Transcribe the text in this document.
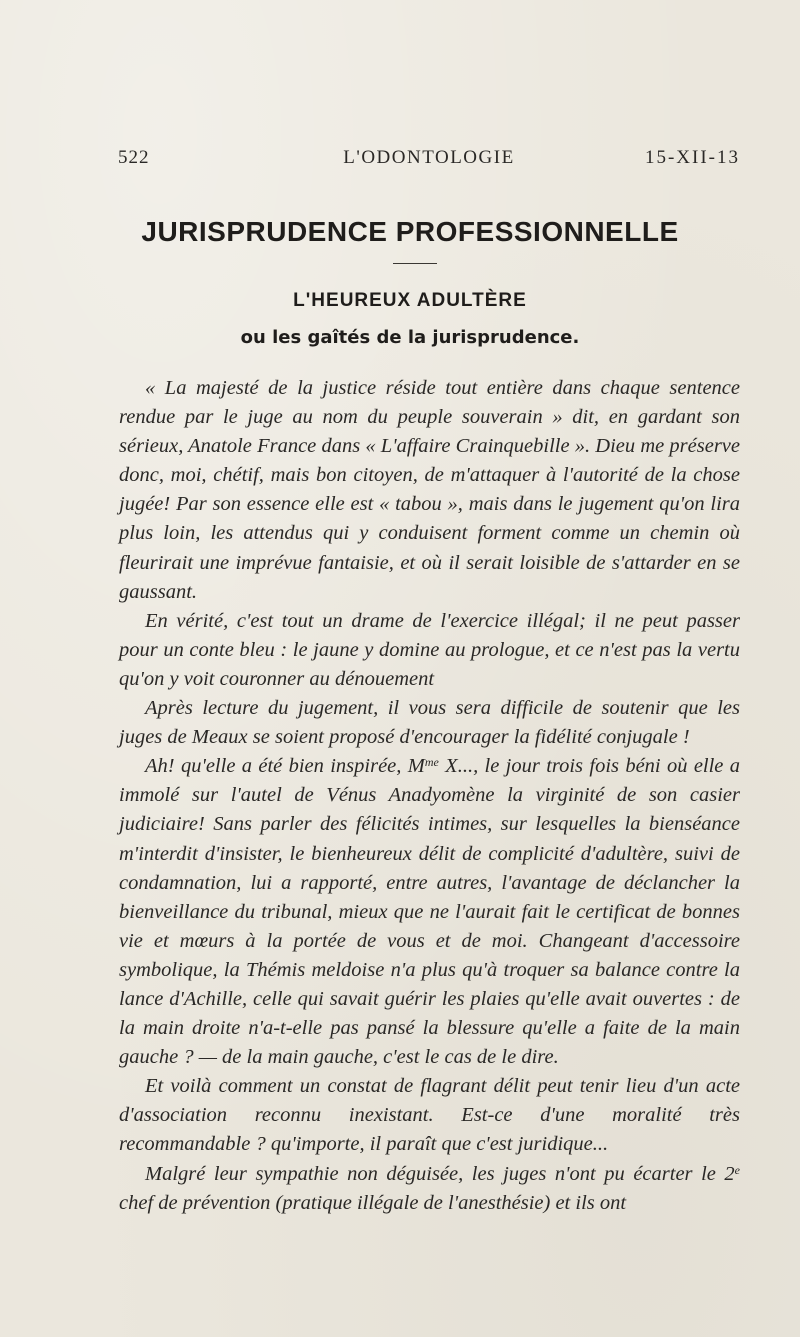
522	L'ODONTOLOGIE	15-XII-13
JURISPRUDENCE PROFESSIONNELLE
L'HEUREUX ADULTÈRE
ou les gaîtés de la jurisprudence.

« La majesté de la justice réside tout entière dans chaque sentence rendue par le juge au nom du peuple souverain » dit, en gardant son sérieux, Anatole France dans « L'affaire Crainquebille ». Dieu me préserve donc, moi, chétif, mais bon citoyen, de m'attaquer à l'autorité de la chose jugée! Par son essence elle est « tabou », mais dans le jugement qu'on lira plus loin, les attendus qui y conduisent forment comme un chemin où fleurirait une imprévue fantaisie, et où il serait loisible de s'attarder en se gaussant.

En vérité, c'est tout un drame de l'exercice illégal; il ne peut passer pour un conte bleu : le jaune y domine au prologue, et ce n'est pas la vertu qu'on y voit couronner au dénouement

Après lecture du jugement, il vous sera difficile de soutenir que les juges de Meaux se soient proposé d'encourager la fidélité conjugale !

Ah! qu'elle a été bien inspirée, $M^{me}$ X..., le jour trois fois béni où elle a immolé sur l'autel de Vénus Anadyomène la virginité de son casier judiciaire! Sans parler des félicités intimes, sur lesquelles la bienséance m'interdit d'insister, le bienheureux délit de complicité d'adultère, suivi de condamnation, lui a rapporté, entre autres, l'avantage de déclancher la bienveillance du tribunal, mieux que ne l'aurait fait le certificat de bonnes vie et mœurs à la portée de vous et de moi. Changeant d'accessoire symbolique, la Thémis meldoise n'a plus qu'à troquer sa balance contre la lance d'Achille, celle qui savait guérir les plaies qu'elle avait ouvertes : de la main droite n'a-t-elle pas pansé la blessure qu'elle a faite de la main gauche ? — de la main gauche, c'est le cas de le dire.

Et voilà comment un constat de flagrant délit peut tenir lieu d'un acte d'association reconnu inexistant. Est-ce d'une moralité très recommandable ? qu'importe, il paraît que c'est juridique...

Malgré leur sympathie non déguisée, les juges n'ont pu écarter le 2e chef de prévention (pratique illégale de l'anesthésie) et ils ont
